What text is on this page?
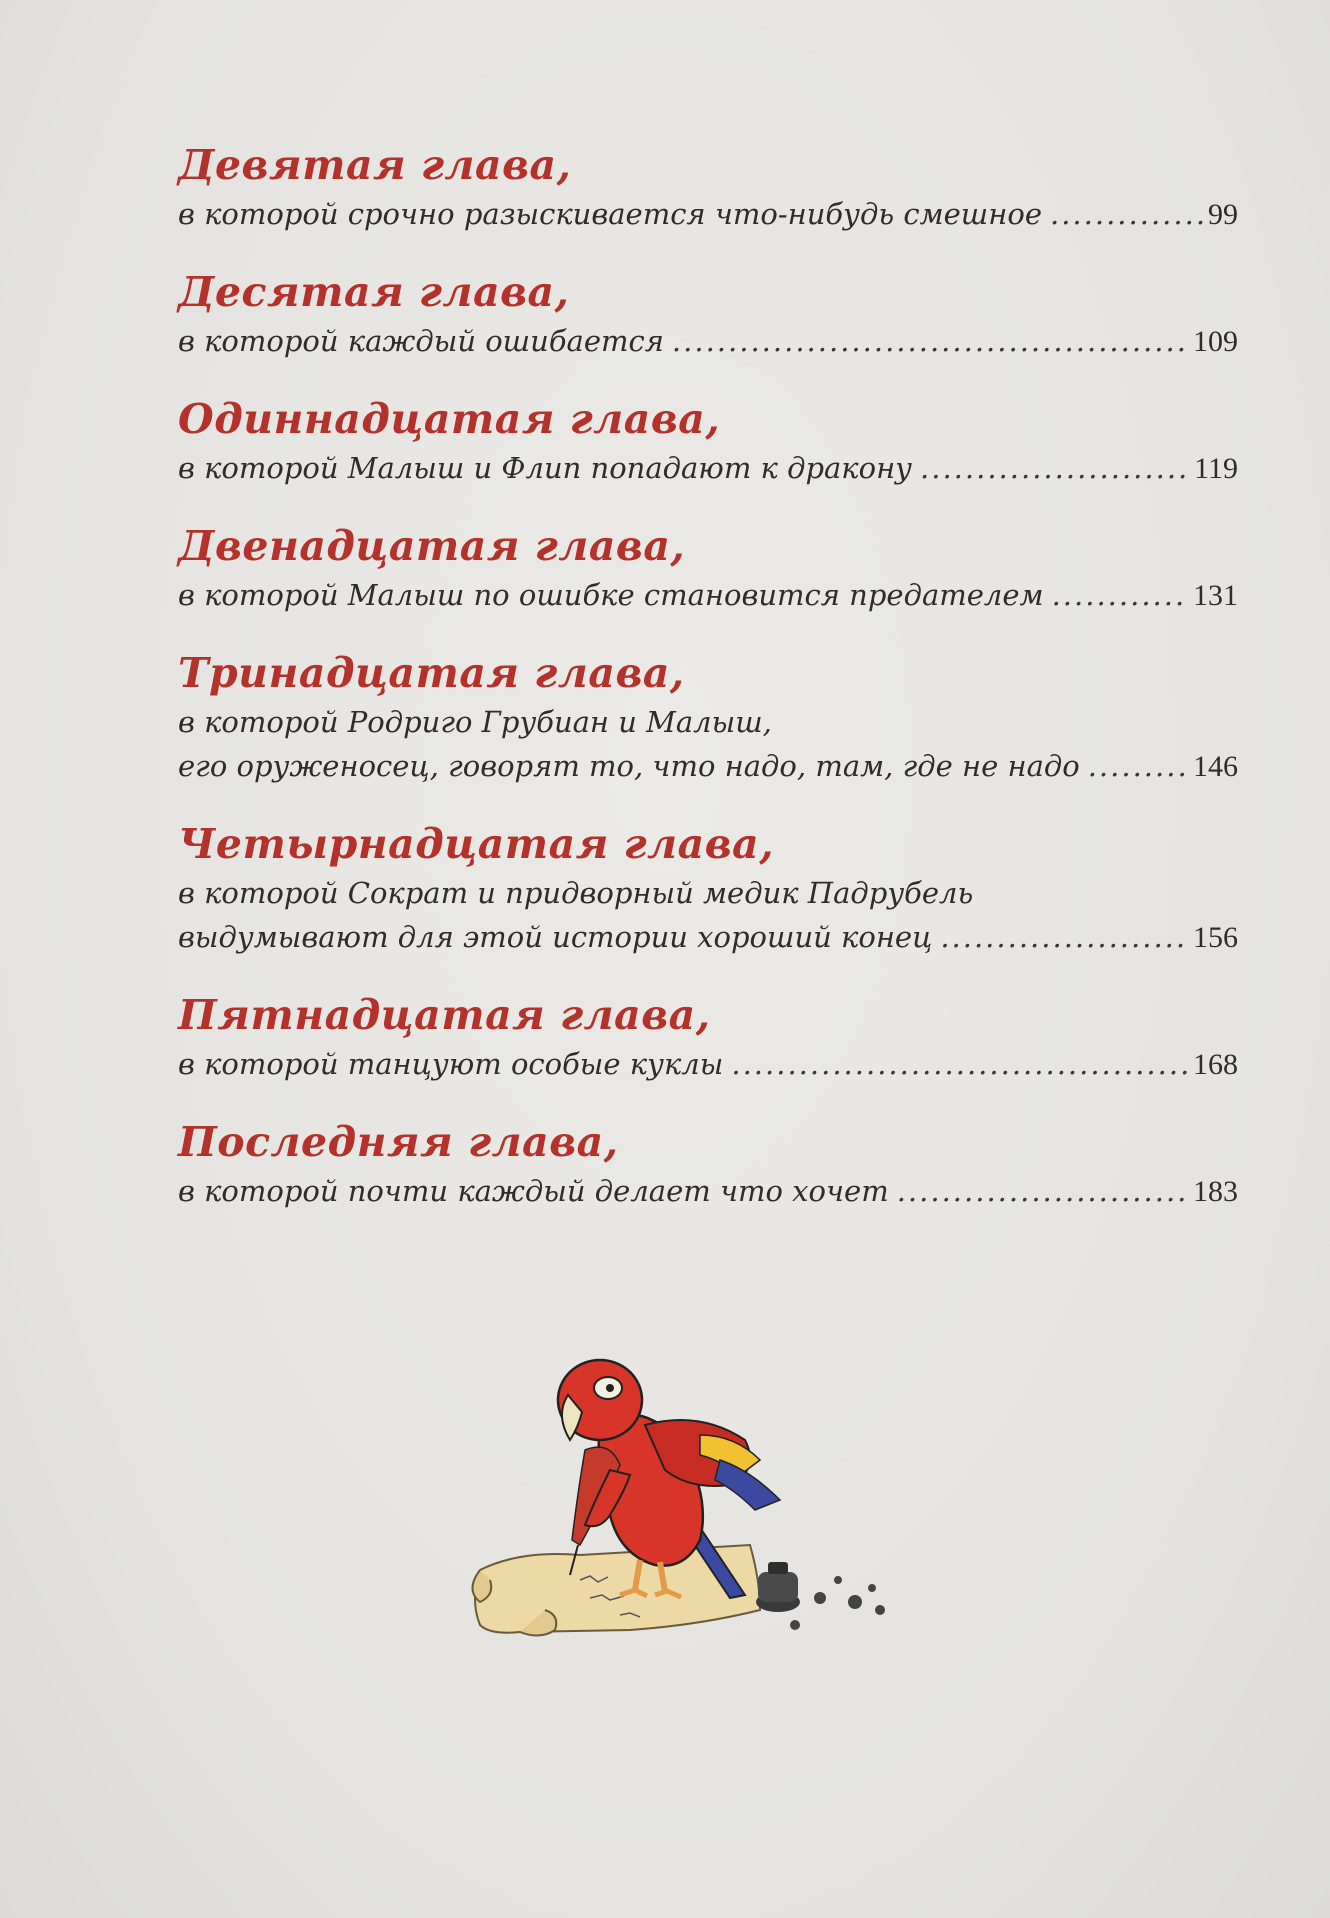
Девятая глава,
в которой срочно разыскивается что-нибудь смешное .....	99
Десятая глава,
в которой каждый ошибается .....	109
Одиннадцатая глава,
в которой Малыш и Флип попадают к дракону .....	119
Двенадцатая глава,
в которой Малыш по ошибке становится предателем .....	131
Тринадцатая глава,
в которой Родриго Грубиан и Малыш,
его оруженосец, говорят то, что надо, там, где не надо .....	146
Четырнадцатая глава,
в которой Сократ и придворный медик Падрубель
выдумывают для этой истории хороший конец .....	156
Пятнадцатая глава,
в которой танцуют особые куклы .....	168
Последняя глава,
в которой почти каждый делает что хочет .....	183
